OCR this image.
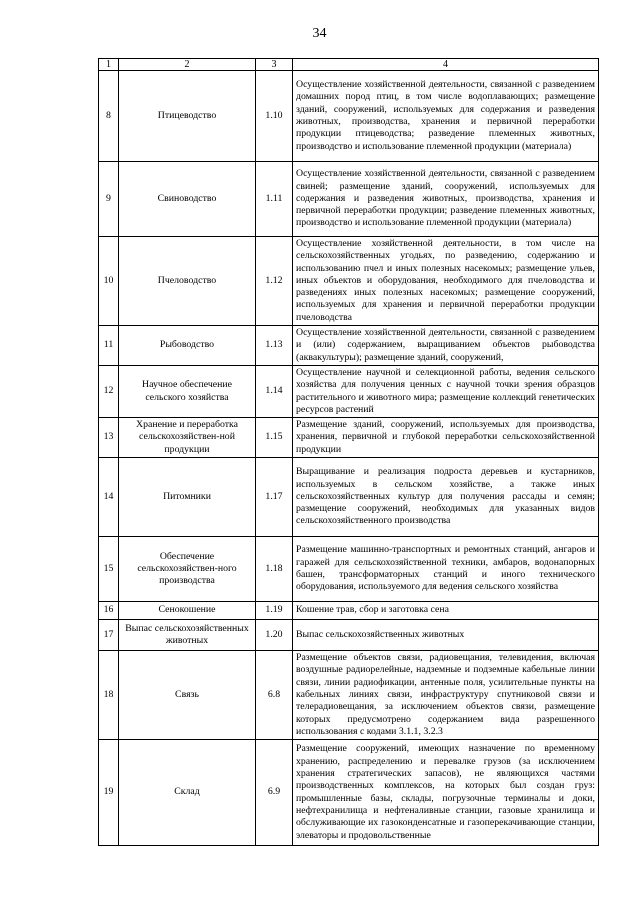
34
1	2	3	4
8	Птицеводство	1.10	Осуществление хозяйственной деятельности, связанной с разведением домашних пород птиц, в том числе водоплавающих; размещение зданий, сооружений, используемых для содержания и разведения животных, производства, хранения и первичной переработки продукции птицеводства; разведение племенных животных, производство и использование племенной продукции (материала)
9	Свиноводство	1.11	Осуществление хозяйственной деятельности, связанной с разведением свиней; размещение зданий, сооружений, используемых для содержания и разведения животных, производства, хранения и первичной переработки продукции; разведение племенных животных, производство и использование племенной продукции (материала)
10	Пчеловодство	1.12	Осуществление хозяйственной деятельности, в том числе на сельскохозяйственных угодьях, по разведению, содержанию и использованию пчел и иных полезных насекомых; размещение ульев, иных объектов и оборудования, необходимого для пчеловодства и разведениях иных полезных насекомых; размещение сооружений, используемых для хранения и первичной переработки продукции пчеловодства
11	Рыбоводство	1.13	Осуществление хозяйственной деятельности, связанной с разведением и (или) содержанием, выращиванием объектов рыбоводства (аквакультуры); размещение зданий, сооружений,
12	Научное обеспечение сельского хозяйства	1.14	Осуществление научной и селекционной работы, ведения сельского хозяйства для получения ценных с научной точки зрения образцов растительного и животного мира; размещение коллекций генетических ресурсов растений
13	Хранение и переработка сельскохозяйствен-ной продукции	1.15	Размещение зданий, сооружений, используемых для производства, хранения, первичной и глубокой переработки сельскохозяйственной продукции
14	Питомники	1.17	Выращивание и реализация подроста деревьев и кустарников, используемых в сельском хозяйстве, а также иных сельскохозяйственных культур для получения рассады и семян; размещение сооружений, необходимых для указанных видов сельскохозяйственного производства
15	Обеспечение сельскохозяйствен-ного производства	1.18	Размещение машинно-транспортных и ремонтных станций, ангаров и гаражей для сельскохозяйственной техники, амбаров, водонапорных башен, трансформаторных станций и иного технического оборудования, используемого для ведения сельского хозяйства
16	Сенокошение	1.19	Кошение трав, сбор и заготовка сена
17	Выпас сельскохозяйственных животных	1.20	Выпас сельскохозяйственных животных
18	Связь	6.8	Размещение объектов связи, радиовещания, телевидения, включая воздушные радиорелейные, надземные и подземные кабельные линии связи, линии радиофикации, антенные поля, усилительные пункты на кабельных линиях связи, инфраструктуру спутниковой связи и телерадиовещания, за исключением объектов связи, размещение которых предусмотрено содержанием вида разрешенного использования с кодами 3.1.1, 3.2.3
19	Склад	6.9	Размещение сооружений, имеющих назначение по временному хранению, распределению и перевалке грузов (за исключением хранения стратегических запасов), не являющихся частями производственных комплексов, на которых был создан груз: промышленные базы, склады, погрузочные терминалы и доки, нефтехранилища и нефтеналивные станции, газовые хранилища и обслуживающие их газоконденсатные и газоперекачивающие станции, элеваторы и продовольственные
